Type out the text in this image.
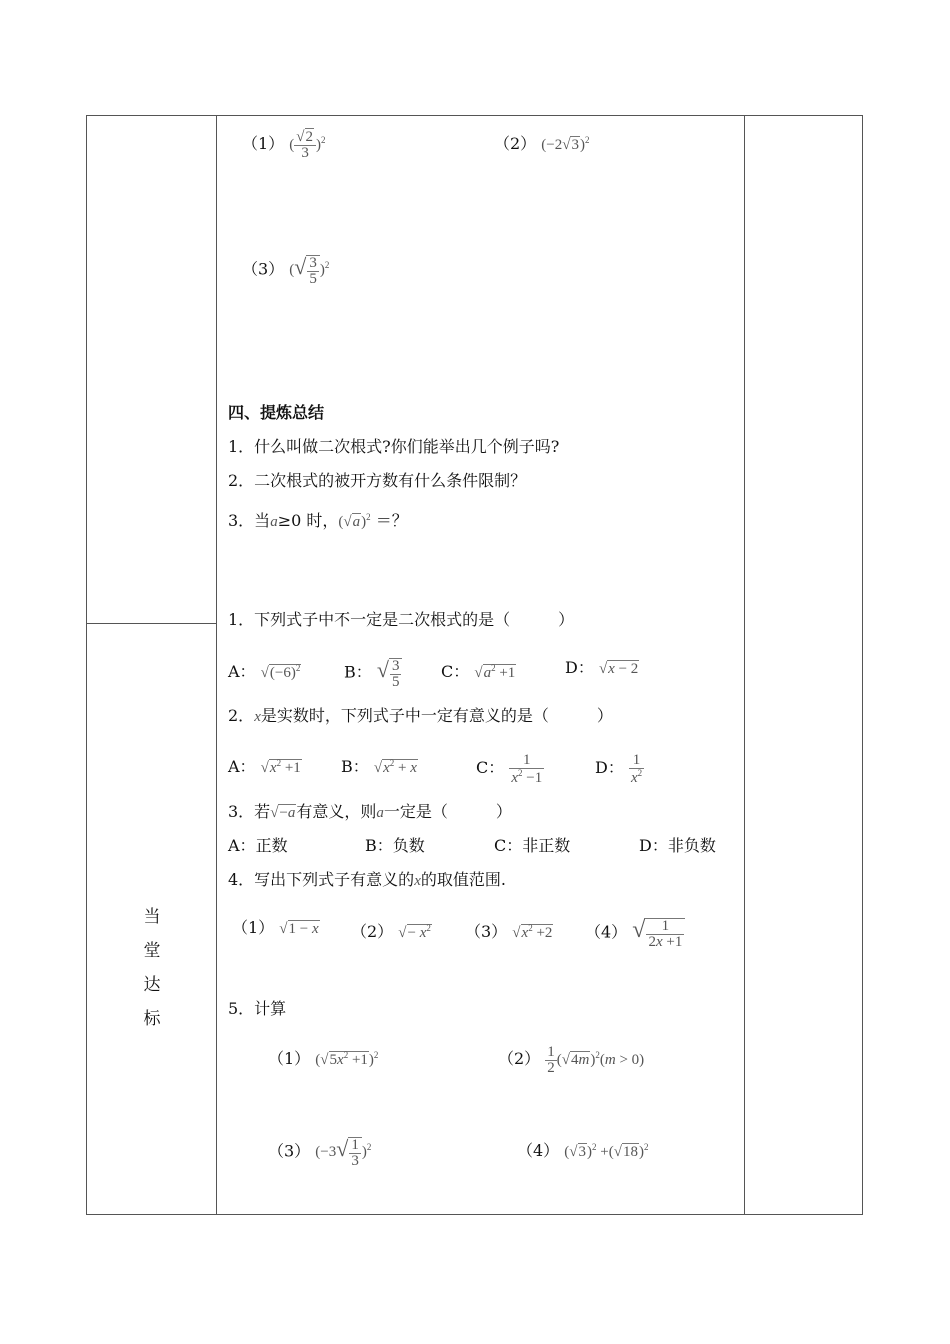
当
堂
达
标
（1） ( $\frac{√2}{3} )^2$	（2） $(-2√3)^2$
（3） (√ $\frac{3}{5} )^2$
四、提炼总结
1．什么叫做二次根式?你们能举出几个例子吗?
2．二次根式的被开方数有什么条件限制？
3．当a≥0 时，$(√a)^2$ ＝？
1．下列式子中不一定是二次根式的是（　　　）
A： $√(-6)^2$	B： √ $\frac{3}{5}$ C： $√a^2 +1$	D： √x − 2
2．x是实数时，下列式子中一定有意义的是（　　　）
A： $√x^2 +1$	B： $√x^2 + x$	C： $\frac{1}{x^2 -1}$	D： $\frac{1}{x^2}$
3．若√−a有意义，则a一定是（　　　）
A：正数	B：负数	C：非正数	D：非负数
4．写出下列式子有意义的x的取值范围.
（1） √1 − x （2） √− $x^2$ （3） $√x^2 +2$ （4） √ $\frac{1}{2x +1}$
5．计算
（1） $(√5x^2 +1)^2$	$(2) \frac{1}{2} (√4m)^2(m > 0)$
（3） $(-3√ \frac{1}{3} )^2$	（4） $(√3)^2 +(√18)^2$
